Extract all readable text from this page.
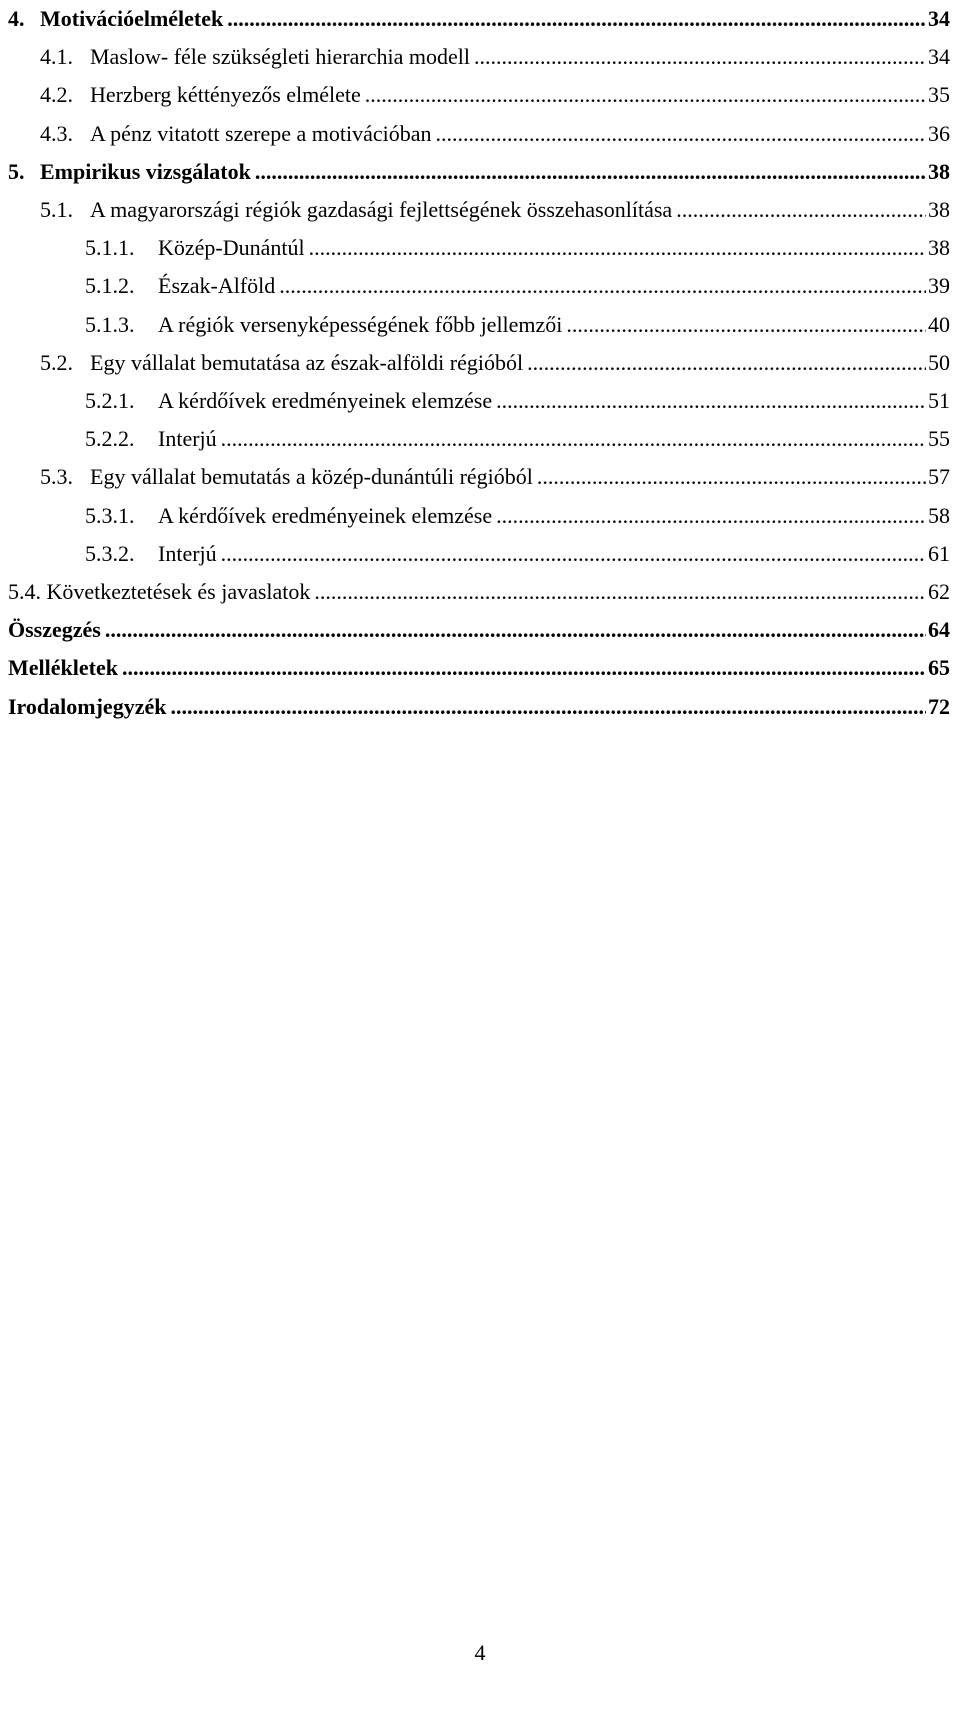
4. Motivációelméletek .....	34
4.1. Maslow- féle szükségleti hierarchia modell .....	34
4.2. Herzberg kéttényezős elmélete .....	35
4.3. A pénz vitatott szerepe a motivációban .....	36
5. Empirikus vizsgálatok .....	38
5.1. A magyarországi régiók gazdasági fejlettségének összehasonlítása .....	38
5.1.1.	Közép-Dunántúl .....	38
5.1.2.	Észak-Alföld .....	39
5.1.3.	A régiók versenyképességének főbb jellemzői .....	40
5.2. Egy vállalat bemutatása az észak-alföldi régióból .....	50
5.2.1.	A kérdőívek eredményeinek elemzése .....	51
5.2.2.	Interjú .....	55
5.3. Egy vállalat bemutatás a közép-dunántúli régióból .....	57
5.3.1.	A kérdőívek eredményeinek elemzése .....	58
5.3.2.	Interjú .....	61
5.4. Következtetések és javaslatok .....	62
Összegzés .....	64
Mellékletek .....	65
Irodalomjegyzék .....	72
4
